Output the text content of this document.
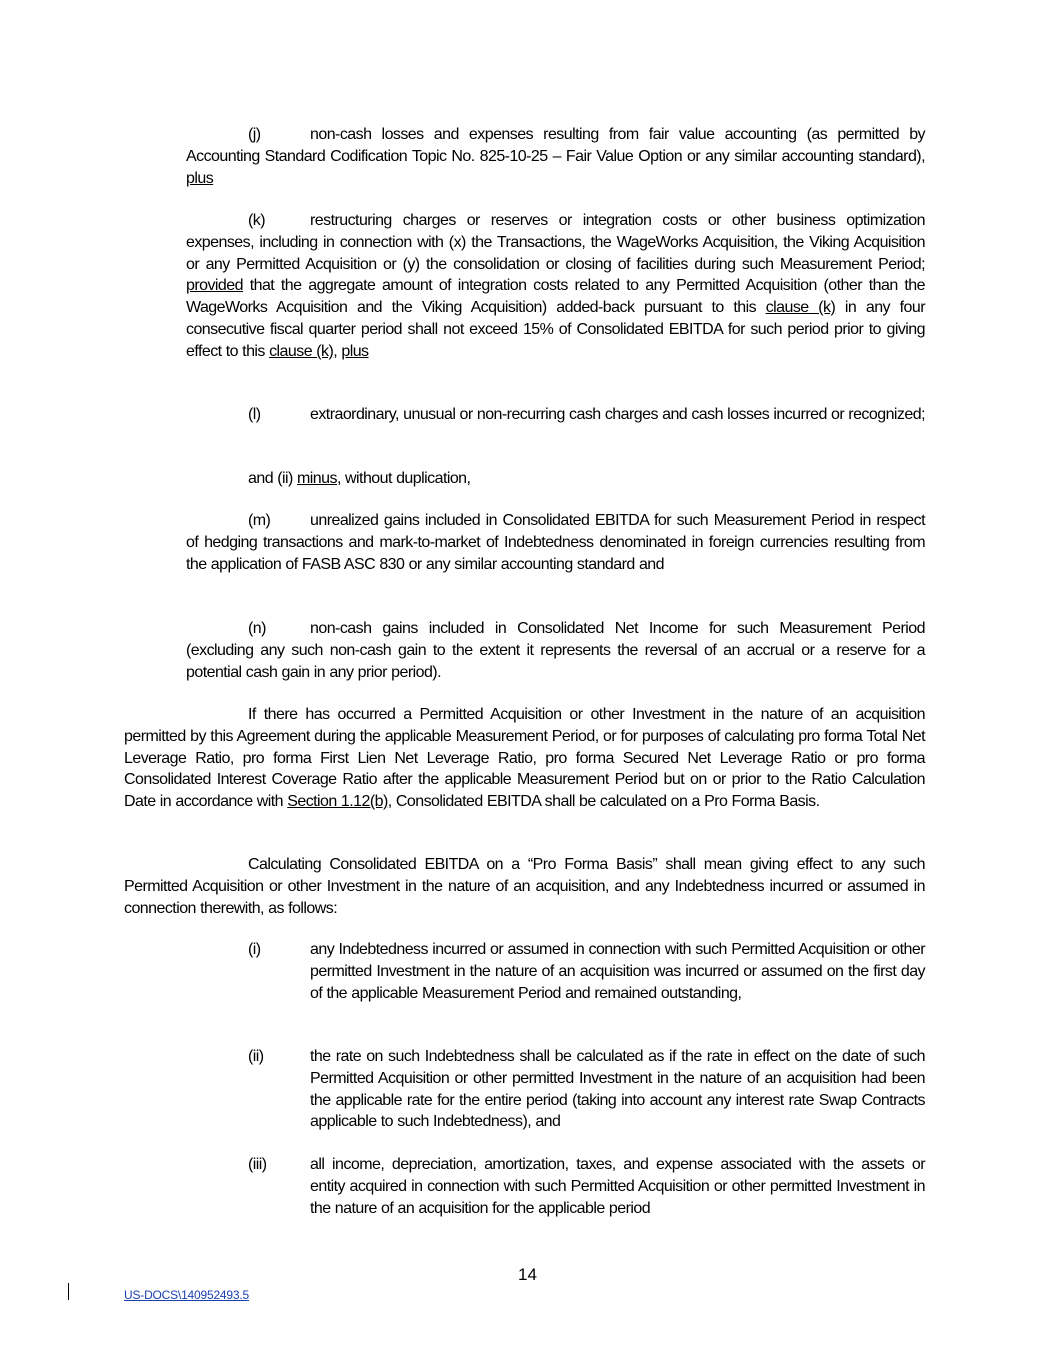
(j)	non-cash losses and expenses resulting from fair value accounting (as permitted by Accounting Standard Codification Topic No. 825-10-25 – Fair Value Option or any similar accounting standard), plus
(k)	restructuring charges or reserves or integration costs or other business optimization expenses, including in connection with (x) the Transactions, the WageWorks Acquisition, the Viking Acquisition or any Permitted Acquisition or (y) the consolidation or closing of facilities during such Measurement Period; provided that the aggregate amount of integration costs related to any Permitted Acquisition (other than the WageWorks Acquisition and the Viking Acquisition) added-back pursuant to this clause (k) in any four consecutive fiscal quarter period shall not exceed 15% of Consolidated EBITDA for such period prior to giving effect to this clause (k), plus
(l)	extraordinary, unusual or non-recurring cash charges and cash losses incurred or recognized;
and (ii) minus, without duplication,
(m) unrealized gains included in Consolidated EBITDA for such Measurement Period in respect of hedging transactions and mark-to-market of Indebtedness denominated in foreign currencies resulting from the application of FASB ASC 830 or any similar accounting standard and
(n)	non-cash gains included in Consolidated Net Income for such Measurement Period (excluding any such non-cash gain to the extent it represents the reversal of an accrual or a reserve for a potential cash gain in any prior period).
If there has occurred a Permitted Acquisition or other Investment in the nature of an acquisition permitted by this Agreement during the applicable Measurement Period, or for purposes of calculating pro forma Total Net Leverage Ratio, pro forma First Lien Net Leverage Ratio, pro forma Secured Net Leverage Ratio or pro forma Consolidated Interest Coverage Ratio after the applicable Measurement Period but on or prior to the Ratio Calculation Date in accordance with Section 1.12(b), Consolidated EBITDA shall be calculated on a Pro Forma Basis.
Calculating Consolidated EBITDA on a “Pro Forma Basis” shall mean giving effect to any such Permitted Acquisition or other Investment in the nature of an acquisition, and any Indebtedness incurred or assumed in connection therewith, as follows:
(i)	any Indebtedness incurred or assumed in connection with such Permitted Acquisition or other permitted Investment in the nature of an acquisition was incurred or assumed on the first day of the applicable Measurement Period and remained outstanding,
(ii)	the rate on such Indebtedness shall be calculated as if the rate in effect on the date of such Permitted Acquisition or other permitted Investment in the nature of an acquisition had been the applicable rate for the entire period (taking into account any interest rate Swap Contracts applicable to such Indebtedness), and
(iii)	all income, depreciation, amortization, taxes, and expense associated with the assets or entity acquired in connection with such Permitted Acquisition or other permitted Investment in the nature of an acquisition for the applicable period
14
US-DOCS\140952493.5
